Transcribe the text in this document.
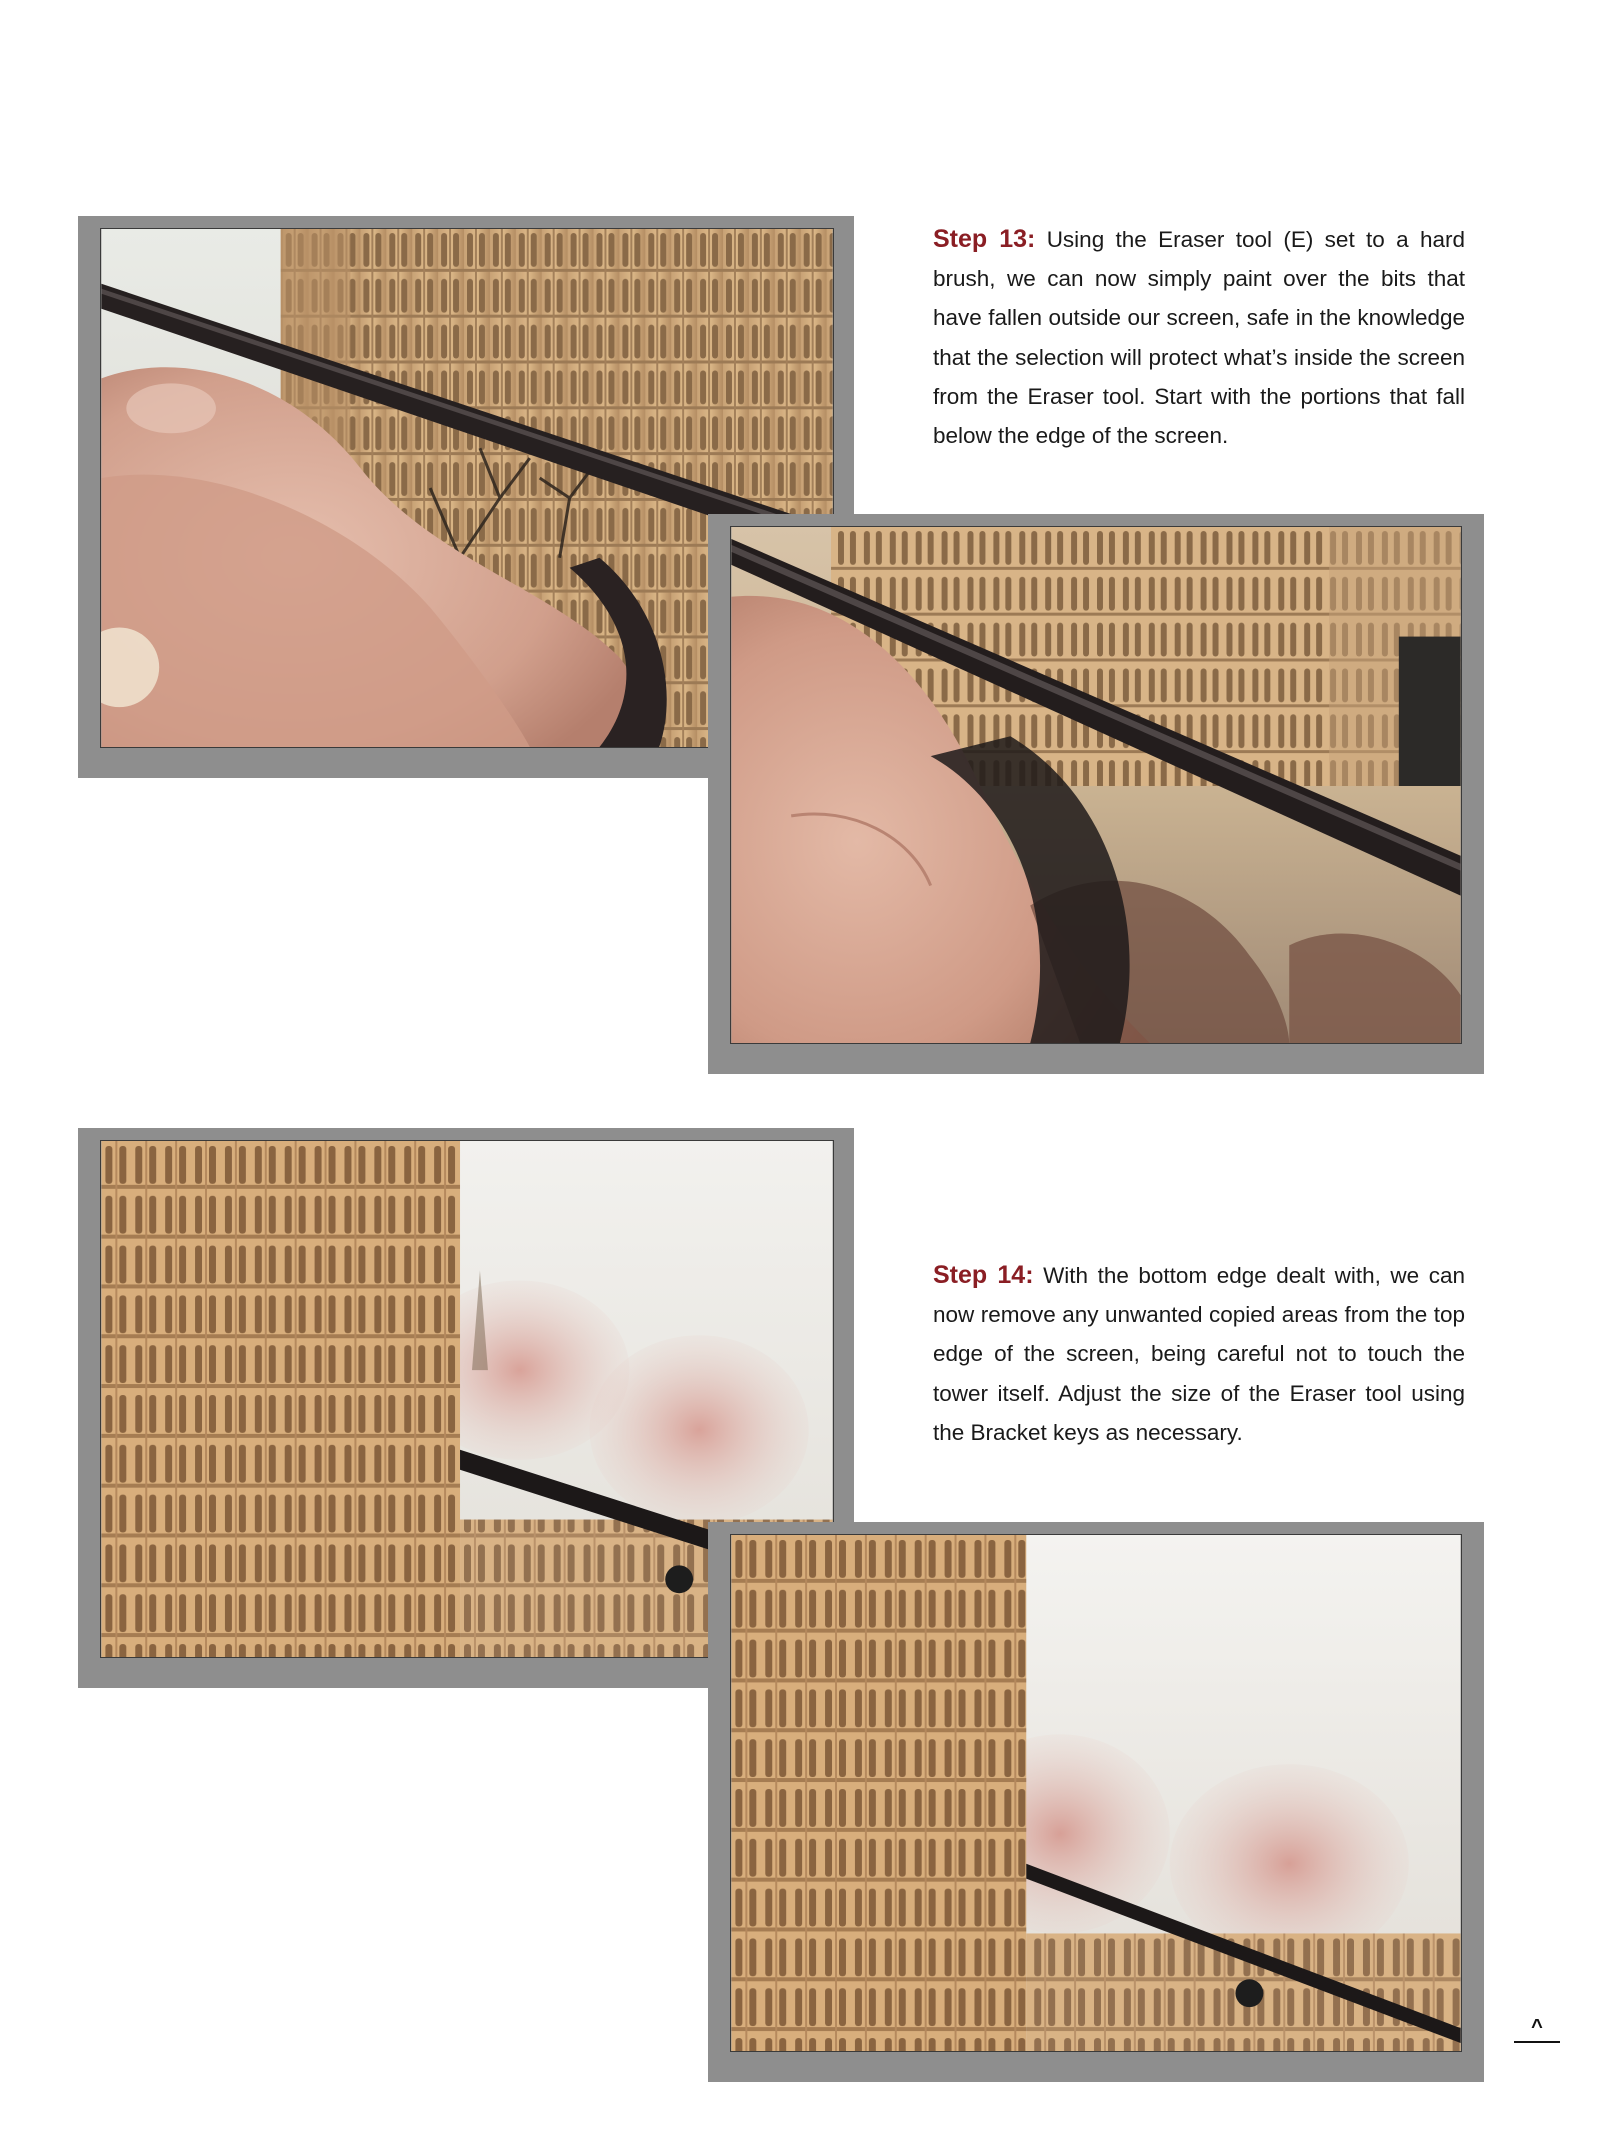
Step 13: Using the Eraser tool (E) set to a hard brush, we can now simply paint over the bits that have fallen outside our screen, safe in the knowledge that the selection will protect what’s inside the screen from the Eraser tool. Start with the portions that fall below the edge of the screen.
Step 14: With the bottom edge dealt with, we can now remove any unwanted copied areas from the top edge of the screen, being careful not to touch the tower itself. Adjust the size of the Eraser tool using the Bracket keys as necessary.
^
